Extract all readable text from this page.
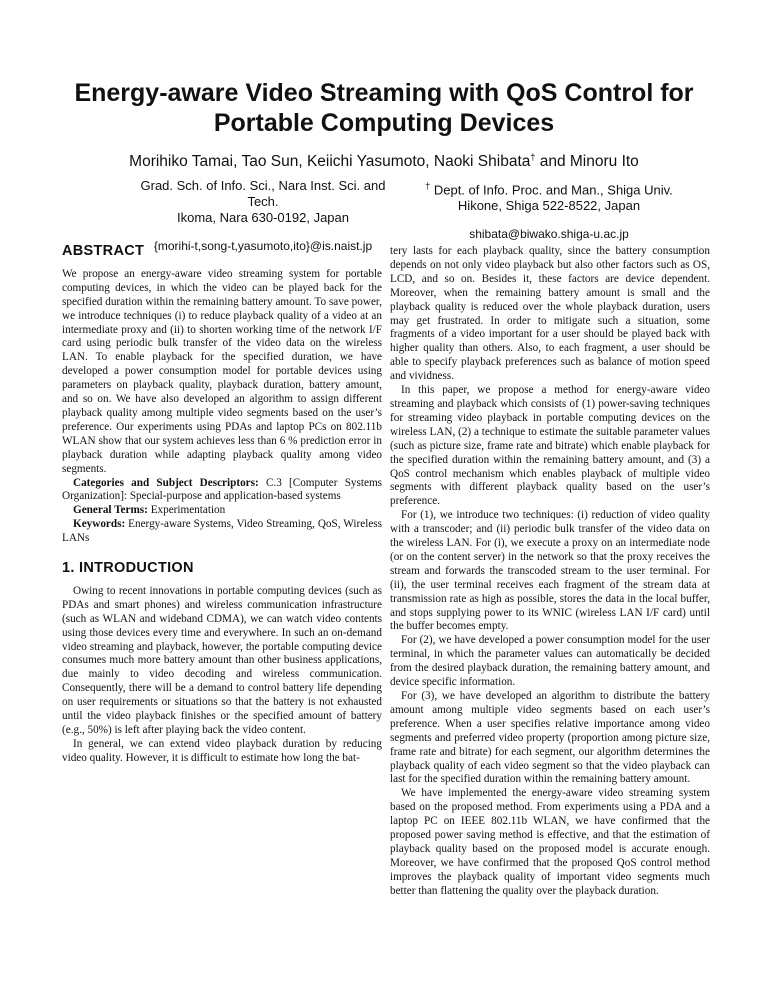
Energy-aware Video Streaming with QoS Control for
Portable Computing Devices
Morihiko Tamai, Tao Sun, Keiichi Yasumoto, Naoki Shibata† and Minoru Ito
Grad. Sch. of Info. Sci., Nara Inst. Sci. and Tech.
Ikoma, Nara 630-0192, Japan
{morihi-t,song-t,yasumoto,ito}@is.naist.jp
† Dept. of Info. Proc. and Man., Shiga Univ.
Hikone, Shiga 522-8522, Japan
shibata@biwako.shiga-u.ac.jp
ABSTRACT

We propose an energy-aware video streaming system for portable computing devices, in which the video can be played back for the specified duration within the remaining battery amount. To save power, we introduce techniques (i) to reduce playback quality of a video at an intermediate proxy and (ii) to shorten working time of the network I/F card using periodic bulk transfer of the video data on the wireless LAN. To enable playback for the specified duration, we have developed a power consumption model for portable devices using parameters on playback quality, playback duration, battery amount, and so on. We have also developed an algorithm to assign different playback quality among multiple video segments based on the user’s preference. Our experiments using PDAs and laptop PCs on 802.11b WLAN show that our system achieves less than 6 % prediction error in playback duration while adapting playback quality among video segments.

Categories and Subject Descriptors: C.3 [Computer Systems Organization]: Special-purpose and application-based systems

General Terms: Experimentation

Keywords: Energy-aware Systems, Video Streaming, QoS, Wireless LANs

1. INTRODUCTION

Owing to recent innovations in portable computing devices (such as PDAs and smart phones) and wireless communication infrastructure (such as WLAN and wideband CDMA), we can watch video contents using those devices every time and everywhere. In such an on-demand video streaming and playback, however, the portable computing device consumes much more battery amount than other business applications, due mainly to video decoding and wireless communication. Consequently, there will be a demand to control battery life depending on user requirements or situations so that the battery is not exhausted until the video playback finishes or the specified amount of battery (e.g., 50%) is left after playing back the video content.

In general, we can extend video playback duration by reducing video quality. However, it is difficult to estimate how long the bat-

tery lasts for each playback quality, since the battery consumption depends on not only video playback but also other factors such as OS, LCD, and so on. Besides it, these factors are device dependent. Moreover, when the remaining battery amount is small and the playback quality is reduced over the whole playback duration, users may get frustrated. In order to mitigate such a situation, some fragments of a video important for a user should be played back with higher quality than others. Also, to each fragment, a user should be able to specify playback preferences such as balance of motion speed and vividness.

In this paper, we propose a method for energy-aware video streaming and playback which consists of (1) power-saving techniques for streaming video playback in portable computing devices on the wireless LAN, (2) a technique to estimate the suitable parameter values (such as picture size, frame rate and bitrate) which enable playback for the specified duration within the remaining battery amount, and (3) a QoS control mechanism which enables playback of multiple video segments with different playback quality based on the user’s preference.

For (1), we introduce two techniques: (i) reduction of video quality with a transcoder; and (ii) periodic bulk transfer of the video data on the wireless LAN. For (i), we execute a proxy on an intermediate node (or on the content server) in the network so that the proxy receives the stream and forwards the transcoded stream to the user terminal. For (ii), the user terminal receives each fragment of the stream data at transmission rate as high as possible, stores the data in the local buffer, and stops supplying power to its WNIC (wireless LAN I/F card) until the buffer becomes empty.

For (2), we have developed a power consumption model for the user terminal, in which the parameter values can automatically be decided from the desired playback duration, the remaining battery amount, and device specific information.

For (3), we have developed an algorithm to distribute the battery amount among multiple video segments based on each user’s preference. When a user specifies relative importance among video segments and preferred video property (proportion among picture size, frame rate and bitrate) for each segment, our algorithm determines the playback quality of each video segment so that the video playback can last for the specified duration within the remaining battery amount.

We have implemented the energy-aware video streaming system based on the proposed method. From experiments using a PDA and a laptop PC on IEEE 802.11b WLAN, we have confirmed that the proposed power saving method is effective, and that the estimation of playback quality based on the proposed model is accurate enough. Moreover, we have confirmed that the proposed QoS control method improves the playback quality of important video segments much better than flattening the quality over the playback duration.
